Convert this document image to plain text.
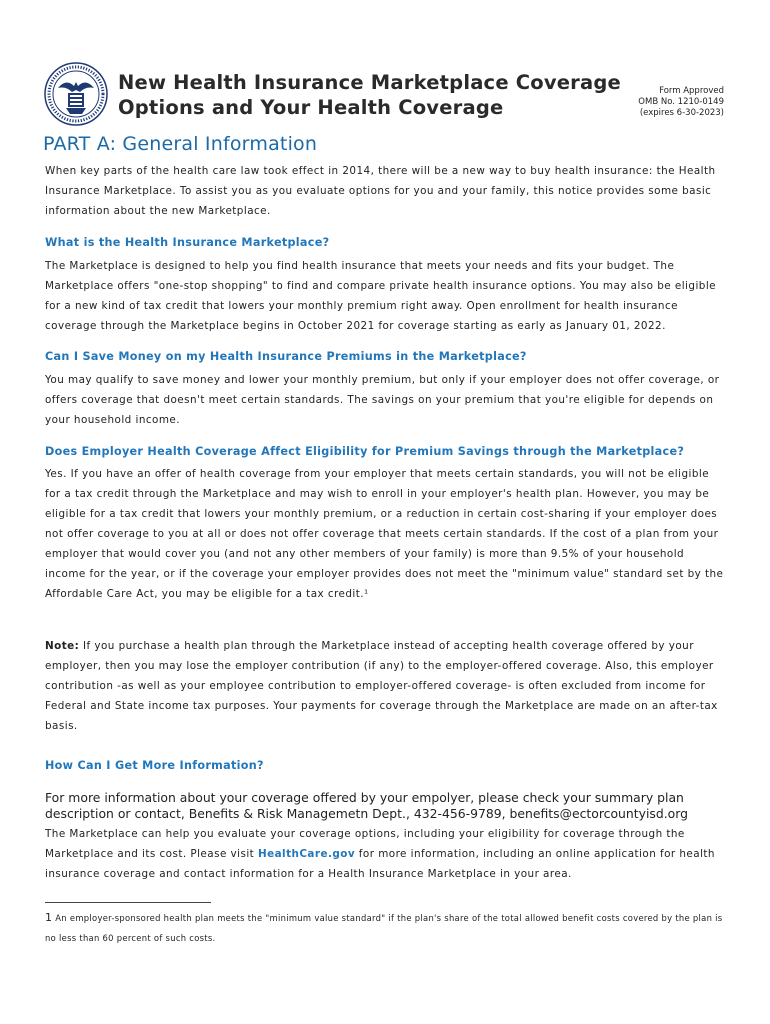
New Health Insurance Marketplace Coverage
Options and Your Health Coverage
Form Approved
OMB No. 1210-0149
(expires 6-30-2023)
PART A: General Information
When key parts of the health care law took effect in 2014, there will be a new way to buy health insurance: the Health Insurance Marketplace. To assist you as you evaluate options for you and your family, this notice provides some basic information about the new Marketplace.
What is the Health Insurance Marketplace?
The Marketplace is designed to help you find health insurance that meets your needs and fits your budget. The Marketplace offers "one-stop shopping" to find and compare private health insurance options. You may also be eligible for a new kind of tax credit that lowers your monthly premium right away. Open enrollment for health insurance coverage through the Marketplace begins in October 2021 for coverage starting as early as January 01, 2022.
Can I Save Money on my Health Insurance Premiums in the Marketplace?
You may qualify to save money and lower your monthly premium, but only if your employer does not offer coverage, or offers coverage that doesn't meet certain standards. The savings on your premium that you're eligible for depends on your household income.
Does Employer Health Coverage Affect Eligibility for Premium Savings through the Marketplace?
Yes. If you have an offer of health coverage from your employer that meets certain standards, you will not be eligible for a tax credit through the Marketplace and may wish to enroll in your employer's health plan. However, you may be eligible for a tax credit that lowers your monthly premium, or a reduction in certain cost-sharing if your employer does not offer coverage to you at all or does not offer coverage that meets certain standards. If the cost of a plan from your employer that would cover you (and not any other members of your family) is more than 9.5% of your household income for the year, or if the coverage your employer provides does not meet the "minimum value" standard set by the Affordable Care Act, you may be eligible for a tax credit.¹
Note: If you purchase a health plan through the Marketplace instead of accepting health coverage offered by your employer, then you may lose the employer contribution (if any) to the employer-offered coverage. Also, this employer contribution -as well as your employee contribution to employer-offered coverage- is often excluded from income for Federal and State income tax purposes. Your payments for coverage through the Marketplace are made on an after-tax basis.
How Can I Get More Information?
For more information about your coverage offered by your empolyer, please check your summary plan description or contact, Benefits & Risk Managemetn Dept., 432-456-9789, benefits@ectorcountyisd.org
The Marketplace can help you evaluate your coverage options, including your eligibility for coverage through the Marketplace and its cost. Please visit HealthCare.gov for more information, including an online application for health insurance coverage and contact information for a Health Insurance Marketplace in your area.
1 An employer-sponsored health plan meets the "minimum value standard" if the plan's share of the total allowed benefit costs covered by the plan is no less than 60 percent of such costs.
